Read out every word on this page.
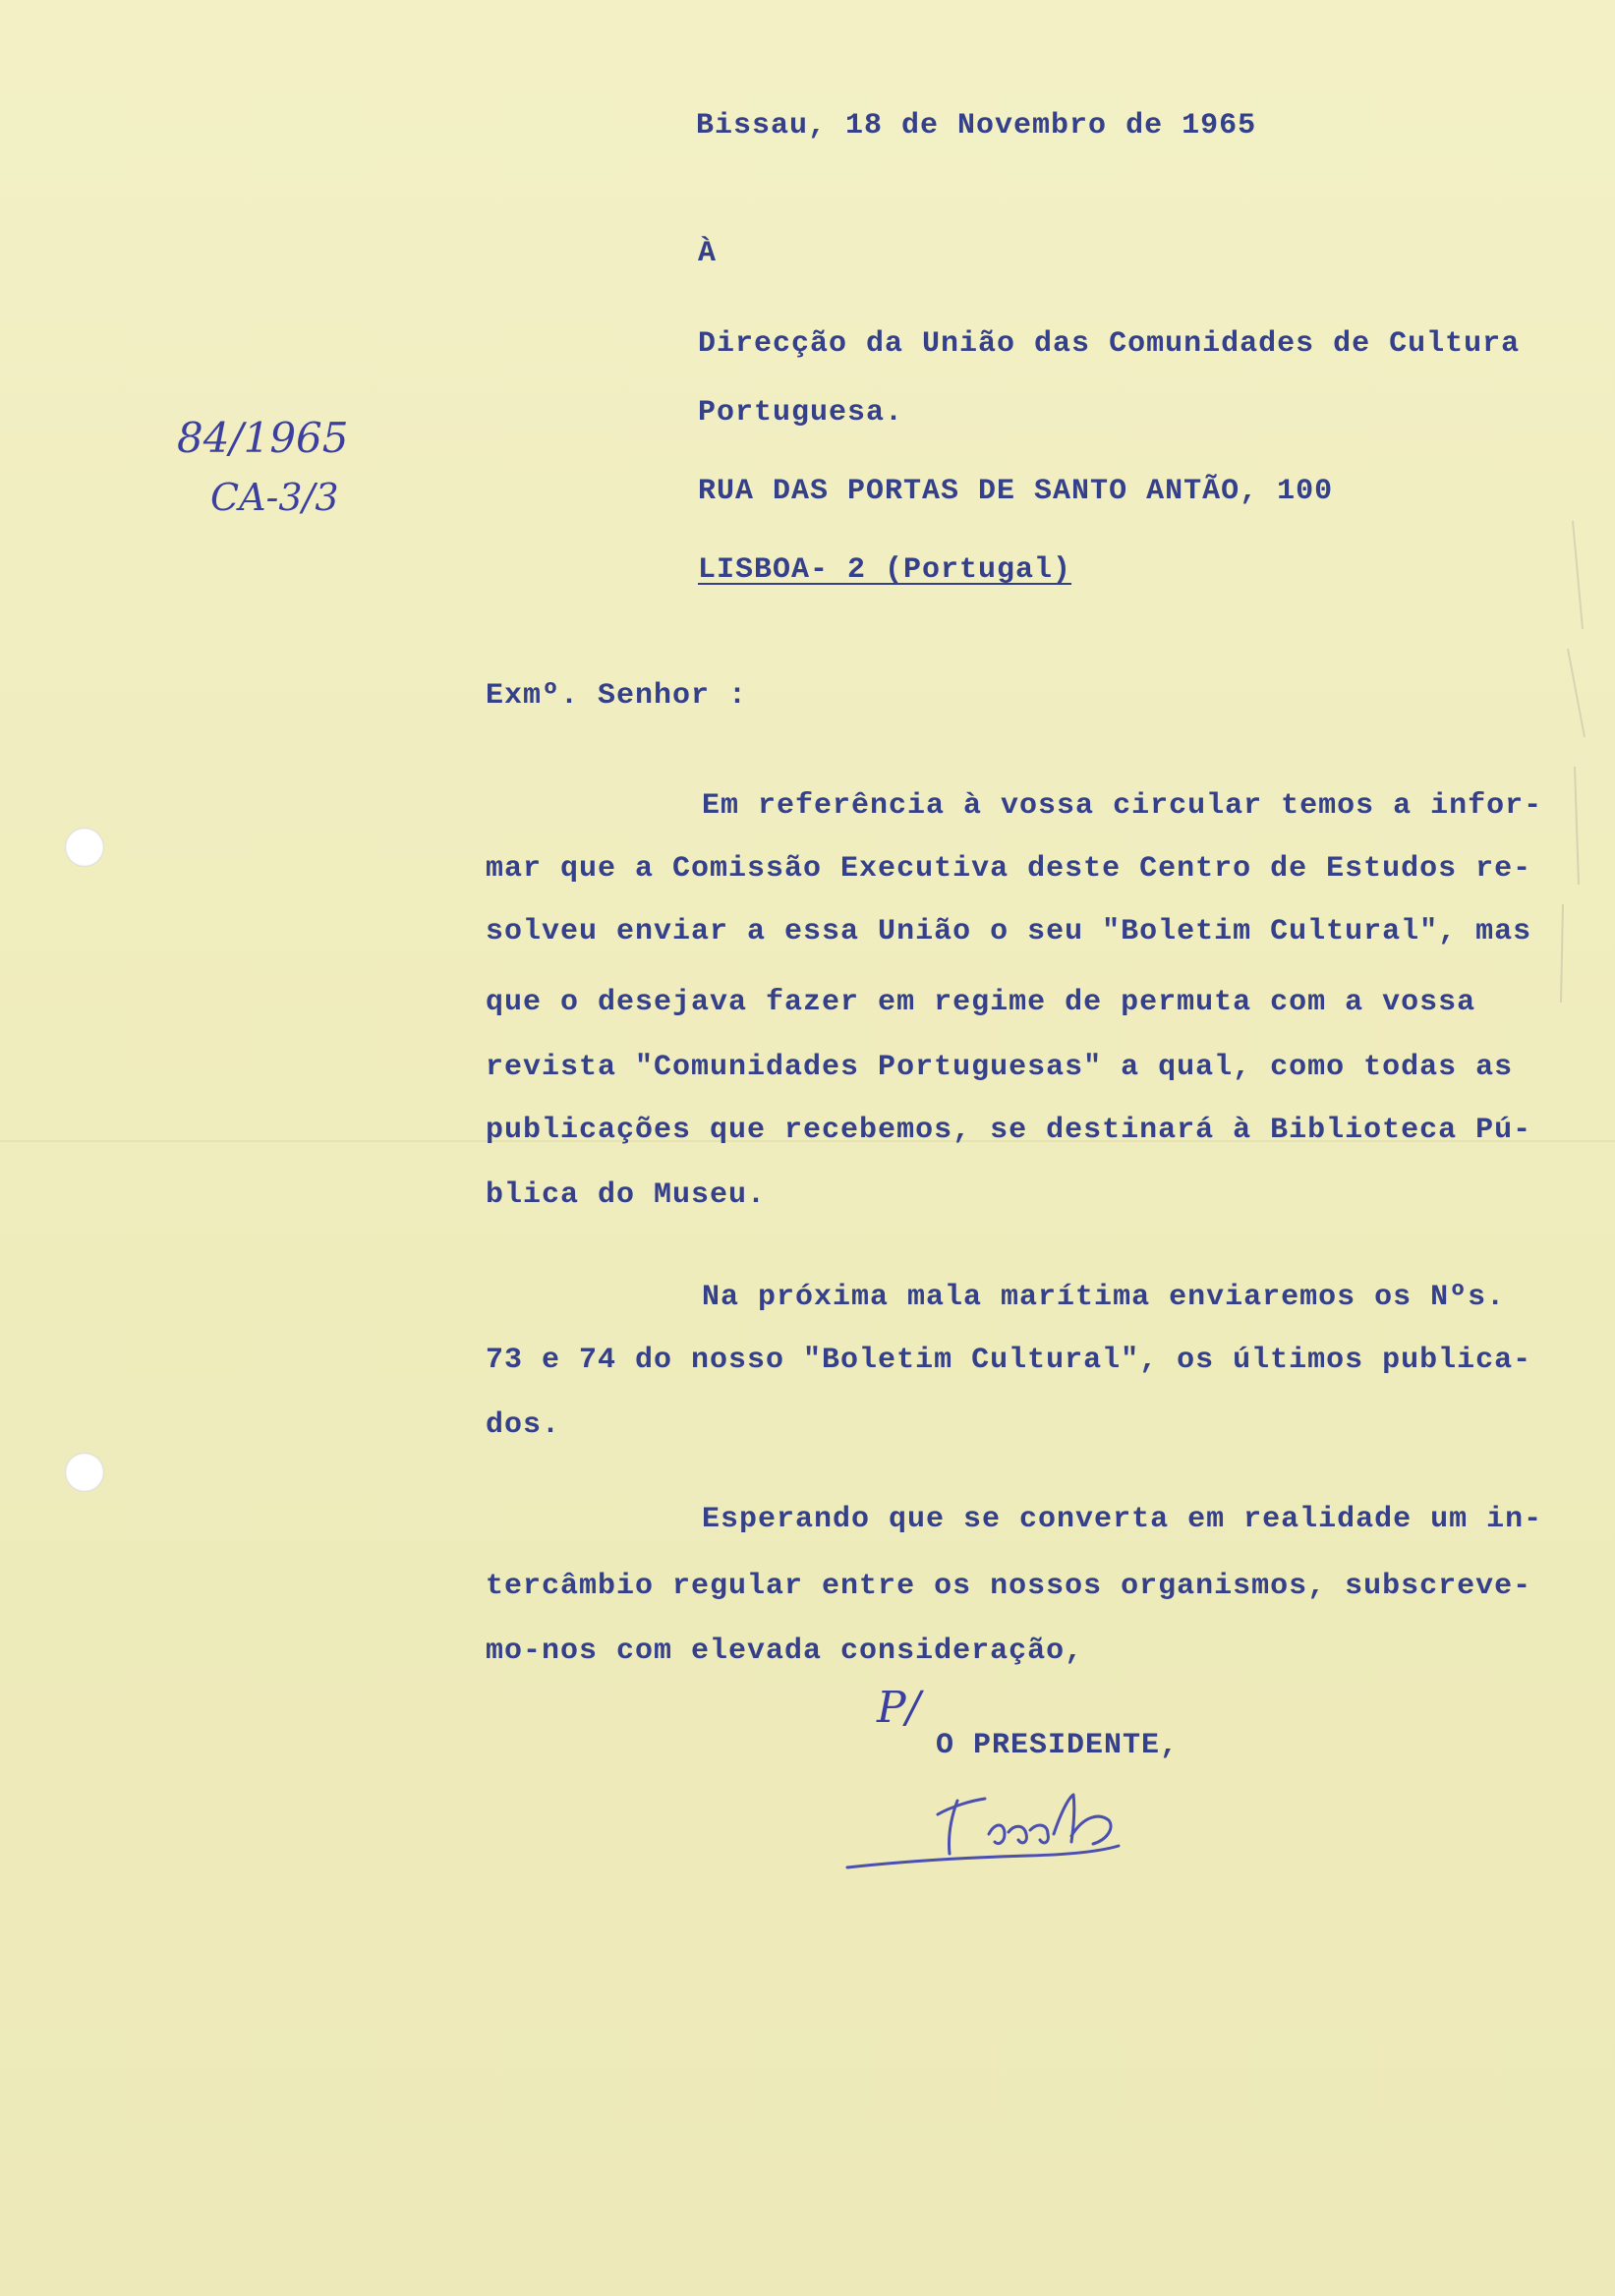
Bissau, 18 de Novembro de 1965
À
Direcção da União das Comunidades de Cultura
Portuguesa.
RUA DAS PORTAS DE SANTO ANTÃO, 100
LISBOA- 2 (Portugal)
84/1965
CA-3/3
Exmº. Senhor :
Em referência à vossa circular temos a infor-
mar que a Comissão Executiva deste Centro de Estudos re-
solveu enviar a essa União o seu "Boletim Cultural", mas
que o desejava fazer em regime de permuta com a vossa
revista "Comunidades Portuguesas" a qual, como todas as
publicações que recebemos, se destinará à Biblioteca Pú-
blica do Museu.
Na próxima mala marítima enviaremos os Nºs.
73 e 74 do nosso "Boletim Cultural", os últimos publica-
dos.
Esperando que se converta em realidade um in-
tercâmbio regular entre os nossos organismos, subscreve-
mo-nos com elevada consideração,
P/
O PRESIDENTE,
